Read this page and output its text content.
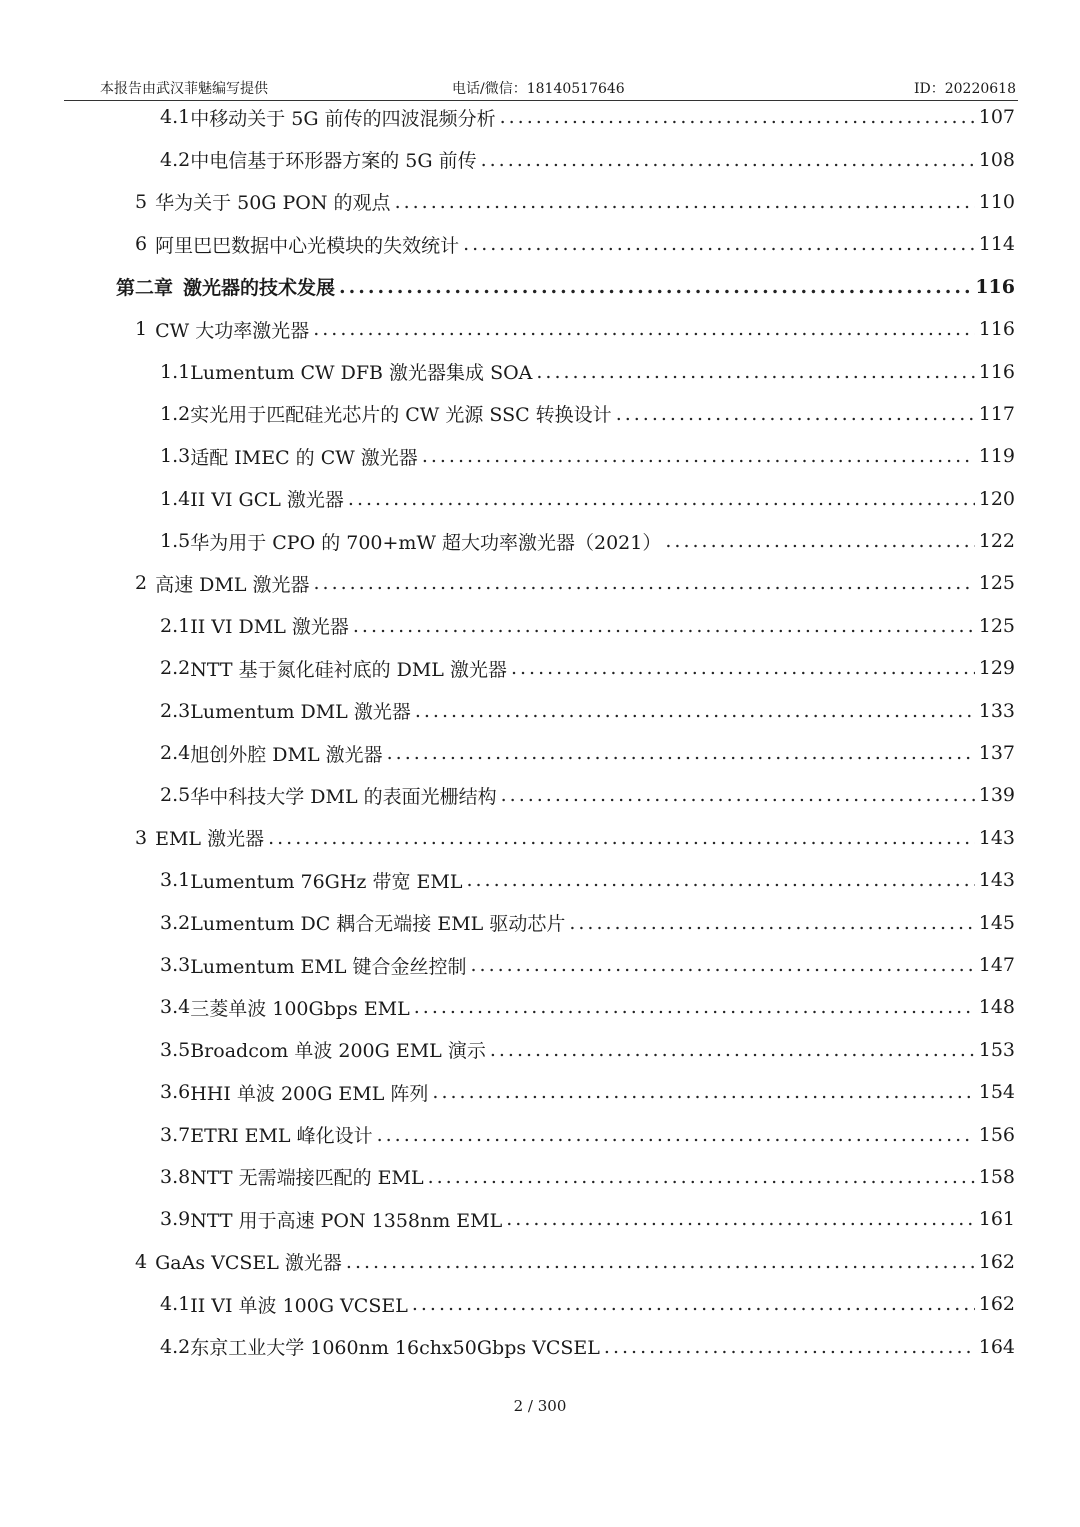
本报告由武汉菲魅编写提供	电话/微信：18140517646	ID：20220618
4.1 中移动关于 5G 前传的四波混频分析 .....	107
4.2 中电信基于环形器方案的 5G 前传 .....	108
5 华为关于 50G PON 的观点 .....	110
6 阿里巴巴数据中心光模块的失效统计 .....	114
第二章 激光器的技术发展 .....	116
1 CW 大功率激光器 .....	116
1.1 Lumentum CW DFB 激光器集成 SOA .....	116
1.2 实光用于匹配硅光芯片的 CW 光源 SSC 转换设计 .....	117
1.3 适配 IMEC 的 CW 激光器 .....	119
1.4 II VI GCL 激光器 .....	120
1.5 华为用于 CPO 的 700+mW 超大功率激光器（2021） .....	122
2 高速 DML 激光器 .....	125
2.1 II VI DML 激光器 .....	125
2.2 NTT 基于氮化硅衬底的 DML 激光器 .....	129
2.3 Lumentum DML 激光器 .....	133
2.4 旭创外腔 DML 激光器 .....	137
2.5 华中科技大学 DML 的表面光栅结构 .....	139
3 EML 激光器 .....	143
3.1 Lumentum 76GHz 带宽 EML .....	143
3.2 Lumentum DC 耦合无端接 EML 驱动芯片 .....	145
3.3 Lumentum EML 键合金丝控制 .....	147
3.4 三菱单波 100Gbps EML .....	148
3.5 Broadcom 单波 200G EML 演示 .....	153
3.6 HHI 单波 200G EML 阵列 .....	154
3.7 ETRI EML 峰化设计 .....	156
3.8 NTT 无需端接匹配的 EML .....	158
3.9 NTT 用于高速 PON 1358nm EML .....	161
4 GaAs VCSEL 激光器 .....	162
4.1 II VI 单波 100G VCSEL .....	162
4.2 东京工业大学 1060nm 16chx50Gbps VCSEL .....	164
2 / 300
